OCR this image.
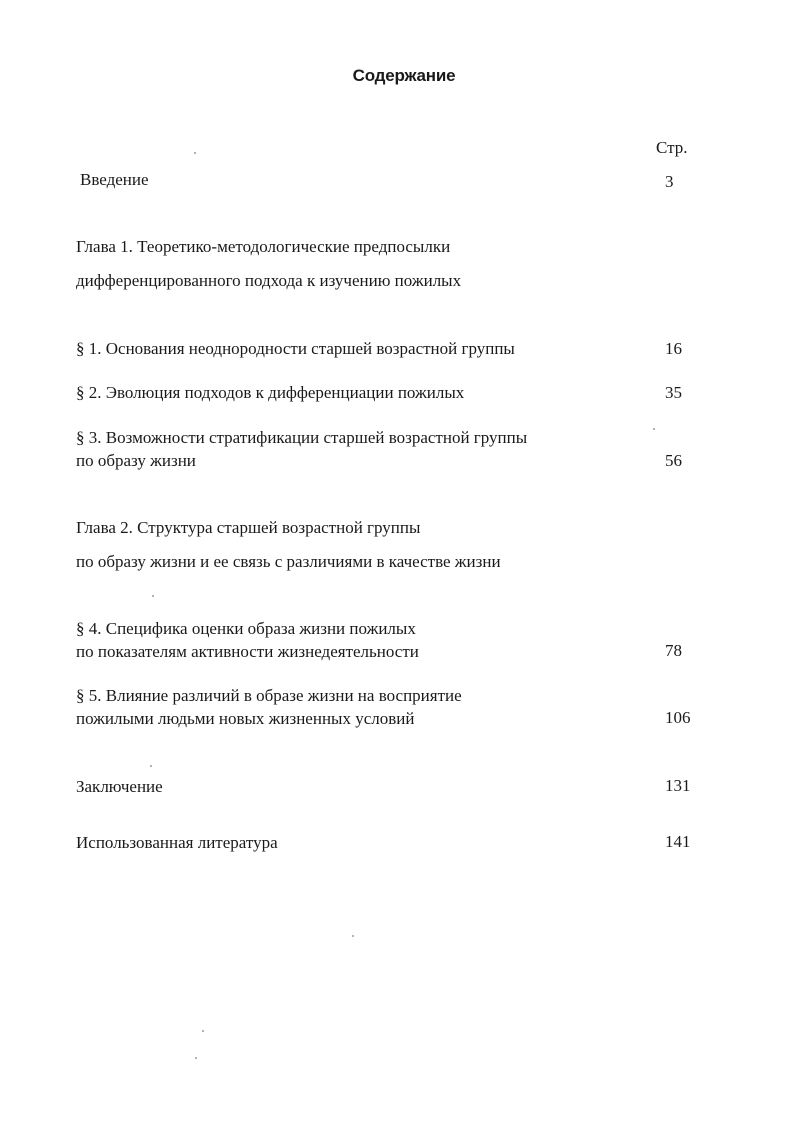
Содержание
Стр.
Введение	3
Глава 1. Теоретико-методологические предпосылки
дифференцированного подхода к изучению пожилых
§ 1. Основания неоднородности старшей возрастной группы	16
§ 2. Эволюция подходов к дифференциации пожилых	35
§ 3. Возможности стратификации старшей возрастной группы
по образу жизни	56
Глава 2. Структура старшей возрастной группы
по образу жизни и ее связь с различиями в качестве жизни
§ 4. Специфика оценки образа жизни пожилых
по показателям активности жизнедеятельности	78
§ 5. Влияние различий в образе жизни на восприятие
пожилыми людьми новых жизненных условий	106
Заключение	131
Использованная литература	141
